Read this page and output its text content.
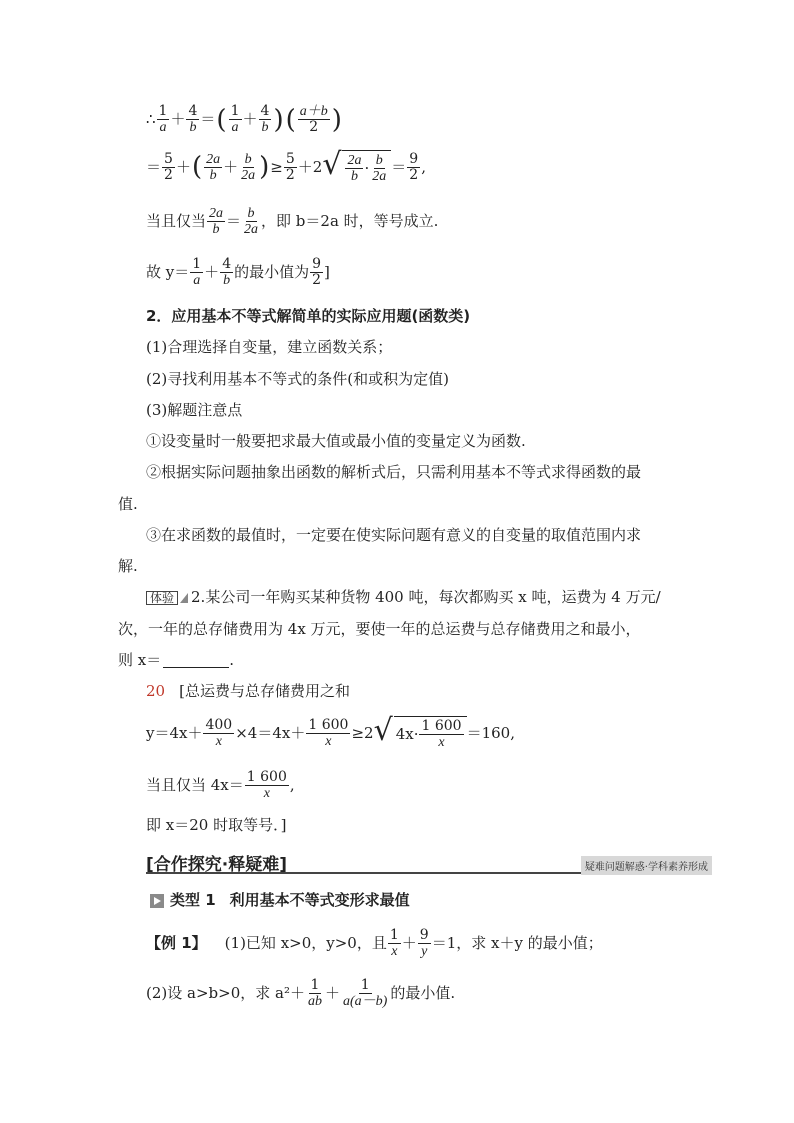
∴ $\frac{1}{a} + \frac{4}{b}$ ＝ ( $\frac{1}{a} + \frac{4}{b}$ ) ( $\frac{a+b}{2}$ )
＝ $\frac{5}{2}$ ＋ ( $\frac{2a}{b} + \frac{b}{2a}$ ) ≥ $\frac{5}{2} + 2$ √ $\frac{2a}{b} \cdot \frac{b}{2a} = \frac{9}{2}$ ,
当且仅当 $\frac{2a}{b} = \frac{b}{2a}$ ，即 b＝2a 时，等号成立.
故 $y= \frac{1}{a} + \frac{4}{b}$ 的最小值为 $\frac{9}{2}$ ]
2．应用基本不等式解简单的实际应用题(函数类)
(1)合理选择自变量，建立函数关系；
(2)寻找利用基本不等式的条件(和或积为定值)
(3)解题注意点
①设变量时一般要把求最大值或最小值的变量定义为函数.
②根据实际问题抽象出函数的解析式后，只需利用基本不等式求得函数的最
值.
③在求函数的最值时，一定要在使实际问题有意义的自变量的取值范围内求
解.
体验 2.某公司一年购买某种货物 400 吨，每次都购买 x 吨，运费为 4 万元/
次，一年的总存储费用为 4x 万元，要使一年的总运费与总存储费用之和最小，
则 x＝	.
20 [总运费与总存储费用之和
$y=4x+ \frac{400}{x} \times 4=4x+ \frac{1 600}{x} \ge 2$ √ $4x\cdot \frac{1 600}{x} =160$,
当且仅当 $4x= \frac{1 600}{x}$ ,
即 x＝20 时取等号．]
[合作探究·释疑难]	疑难问题解惑·学科素养形成
类型 1 利用基本不等式变形求最值
【例 1】 (1)已知 x>0，y>0，且 $\frac{1}{x} + \frac{9}{y} =1$，求 x＋y 的最小值；
(2)设 a>b>0，求 $a^2+ \frac{1}{ab} + \frac{1}{a(a-b)}$ 的最小值.
